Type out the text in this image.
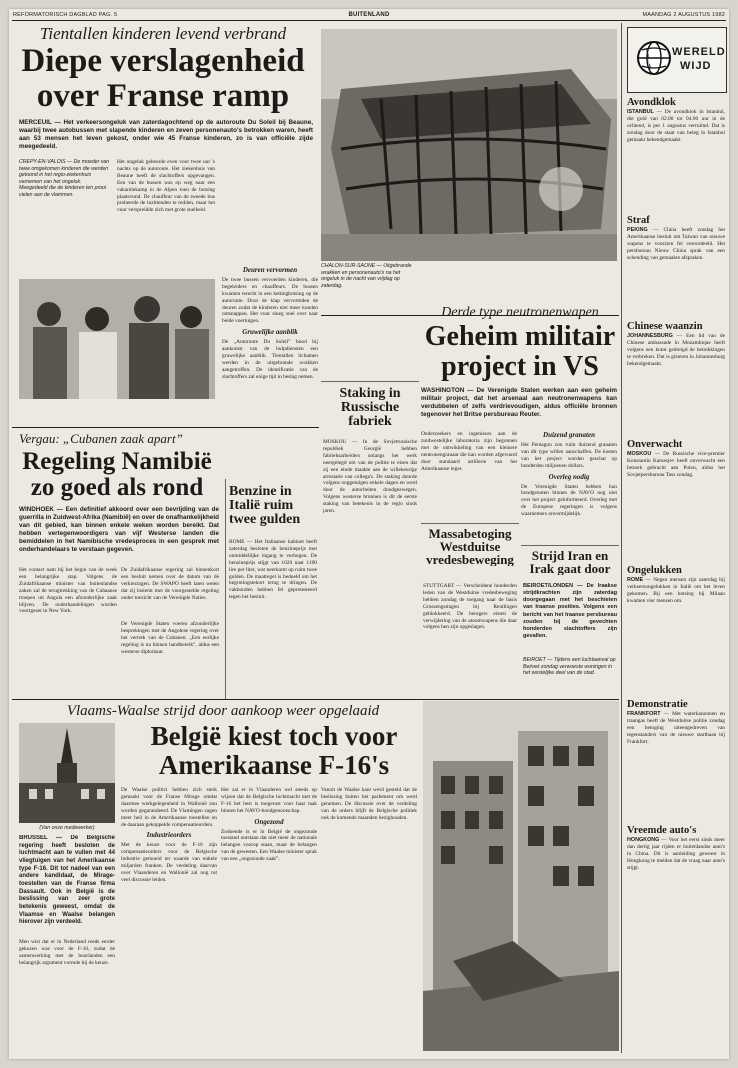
REFORMATORISCH DAGBLAD PAG. 5	BUITENLAND	MAANDAG 2 AUGUSTUS 1982
Tientallen kinderen levend verbrand
Diepe verslagenheid
over Franse ramp
MERCEUIL — Het verkeersongeluk van zaterdagochtend op de autoroute Du Soleil bij Beaune, waarbij twee autobussen met slapende kinderen en zeven personenauto's betrokken waren, heeft aan 53 mensen het leven gekost, onder wie 45 Franse kinderen, zo is van officiële zijde meegedeeld.
CREPY-EN-VALOIS — De moeder van twee omgekomen kinderen die werden getoond in het regio-ziekenhuis vernemen van het ongeluk. Meegedeeld die de kinderen ten prooi vielen aan de vlammen.

Het ongeluk gebeurde even voor twee uur 's nachts op de autoroute. Het ziekenhuis van Beaune heeft de slachtoffers opgevangen. Een van de bussen was op weg naar een vakantiekamp in de Alpen toen de botsing plaatsvond. De chauffeur van de tweede bus probeerde de inzittenden te redden, maar het vuur verspreidde zich met grote snelheid.

CHALON-SUR-SAONE — Uitgebrande wrakken en personenauto's na het ongeluk in de nacht van vrijdag op zaterdag.
Deuren vervormen

De twee bussen vervoerden kinderen, die begeleiders en chauffeurs. De bussen kwamen terecht in een kettingbotsing op de autoroute. Door de klap vervormden de deuren zodat de kinderen niet meer konden ontsnappen. Het vuur sloeg snel over naar beide voertuigen.

Gruwelijke aanblik

De „Autoroute Du Soleil” bood bij aankomst van de hulpdiensten een gruwelijke aanblik. Tientallen lichamen werden in de uitgebrande wrakken aangetroffen. De identificatie van de slachtoffers zal enige tijd in beslag nemen.

Vergau: „Cubanen zaak apart”
Regeling Namibië
zo goed als rond
WINDHOEK — Een definitief akkoord over een bevrijding van de guerrilla in Zuidwest-Afrika (Namibië) en over de onafhankelijkheid van dit gebied, kan binnen enkele weken worden bereikt. Dat hebben vertegenwoordigers van vijf Westerse landen die bemiddelen in het Namibische vredesproces in een gesprek met onderhandelaars te verstaan gegeven.

Het contact nam bij het begin van de week een belangrijke stap. Volgens de Zuidafrikaanse minister van buitenlandse zaken zal de terugtrekking van de Cubaanse troepen uit Angola een afzonderlijke zaak blijven. De onderhandelingen worden voortgezet in New York.

De Zuidafrikaanse regering zal binnenkort een besluit nemen over de datum van de verkiezingen. De SWAPO heeft laten weten dat zij instemt met de voorgestelde regeling onder toezicht van de Verenigde Naties.

De Verenigde Staten voeren afzonderlijke besprekingen met de Angolese regering over het vertrek van de Cubanen. „Een eerlijke regeling is nu binnen handbereik”, aldus een westerse diplomaat.

Benzine in Italië ruim twee gulden

ROME — Het Italiaanse kabinet heeft zaterdag besloten de benzineprijs met onmiddellijke ingang te verhogen. De benzineprijs stijgt van 1020 naar 1100 lire per liter, wat neerkomt op ruim twee gulden. De maatregel is bedoeld om het begrotingstekort terug te dringen. De vakbonden hebben fel geprotesteerd tegen het besluit.

Derde type neutronenwapen
Geheim militair
project in VS
WASHINGTON — De Verenigde Staten werken aan een geheim militair project, dat het arsenaal aan neutronenwapens kan verdubbelen of zelfs verdrievoudigen, aldus officiële bronnen tegenover het Britse persbureau Reuter.

Onderzoekers en ingenieurs aan de zuidwestelijke laboratoria zijn begonnen met de ontwikkeling van een kleinere neutronengranaat die kan worden afgevuurd door standaard artillerie van het Amerikaanse leger.

Duizend granaten

Het Pentagon zou ruim duizend granaten van dit type willen aanschaffen. De kosten van het project worden geschat op honderden miljoenen dollars.

Overleg nodig

De Verenigde Staten hebben hun bondgenoten binnen de NAVO nog niet over het project geïnformeerd. Overleg met de Europese regeringen is volgens waarnemers onvermijdelijk.

Staking in Russische fabriek

MOSKOU — In de Sovjetrussische republiek Georgië hebben fabrieksarbeiders onlangs het werk neergelegd om van de politie te eisen dat zij een einde maakte aan de willekeurige arrestatie van collega's. De staking duurde volgens ooggetuigen enkele dagen en werd door de autoriteiten doodgezwegen. Volgens westerse bronnen is dit de eerste staking van betekenis in de regio sinds jaren.

Massabetoging Westduitse vredesbeweging

STUTTGART — Verscheidene honderden leden van de Westduitse vredesbeweging hebben zondag de toegang naar de basis Grossengstingen bij Reutlingen geblokkeerd. De betogers eisten de verwijdering van de atoomwapens die daar volgens hen zijn opgeslagen.

Strijd Iran en Irak gaat door
BEIROET/LONDEN — De Iraakse strijdkrachten zijn zaterdag doorgegaan met het beschieten van Iraanse posities. Volgens een bericht van het Iraanse persbureau zouden bij de gevechten honderden slachtoffers zijn gevallen.
BEIROET — Tijdens een luchtaanval op Beiroet zondag verwoeste woningen in het westelijke deel van de stad.
Vlaams-Waalse strijd door aankoop weer opgelaaid
België kiest toch voor
Amerikaanse F-16's
(Van onze medewerker)
BRUSSEL — De Belgische regering heeft besloten de luchtmacht aan te vullen met 44 vliegtuigen van het Amerikaanse type F-16. Dit tot nadeel van een andere kandidaat, de Mirage-toestellen van de Franse firma Dassault. Ook in België is de beslissing van zeer grote betekenis geweest, omdat de Vlaamse en Waalse belangen hierover zijn verdeeld.

Men wist dat er in Nederland reeds eerder gekozen was voor de F-16, zodat de samenwerking met de buurlanden een belangrijk argument vormde bij de keuze.

De Waalse politici hebben zich sterk gemaakt voor de Franse Mirage omdat daarmee werkgelegenheid in Wallonië zou worden gegarandeerd. De Vlamingen zagen meer heil in de Amerikaanse toestellen en de daaraan gekoppelde compensatieorders.

Industrieorders

Met de keuze voor de F-16 zijn compensatieorders voor de Belgische industrie gemoeid ter waarde van enkele miljarden franken. De verdeling daarvan over Vlaanderen en Wallonië zal nog tot veel discussie leiden.

Het zal er in Vlaanderen wel steeds op wijzen dat de Belgische luchtmacht met de F-16 het best is toegerust voor haar taak binnen het NAVO-bondgenootschap.

Ongezond

Zodoende is er in België de ongezonde toestand ontstaan dat niet meer de nationale belangen voorop staan, maar de belangen van de gewesten. Een Waalse minister sprak van een „ongezonde zaak”.

Vanuit de Waalse kant werd gesteld dat de beslissing buiten het parlement om werd genomen. De discussie over de verdeling van de orders blijft de Belgische politiek ook de komende maanden bezighouden.

WERELD
WIJD
Avondklok
ISTANBUL — De avondklok in Istanbul, die gold van 02.00 tot 04.00 uur in de ochtend, is per 1 augustus verruimd. Dat is zondag door de staat van beleg in Istanbul gemaakt bekendgemaakt.
Straf
PEKING — China heeft zondag het Amerikaanse besluit om Taiwan van nieuwe wapens te voorzien fel veroordeeld. Het persbureau Nieuw China sprak van een schending van gemaakte afspraken.
Chinese waanzin
JOHANNESBURG — Een lid van de Chinese ambassade in Mozambique heeft volgens een krant gedreigd de betrekkingen te verbreken. Dat is gisteren in Johannesburg bekendgemaakt.
Onverwacht
MOSKOU — De Russische vice-premier Konstantin Katoesjev heeft onverwacht een bezoek gebracht aan Polen, aldus het Sovjetpersbureau Tass zondag.
Ongelukken
ROME — Negen mensen zijn zaterdag bij verkeersongelukken in Italië om het leven gekomen. Bij een botsing bij Milaan kwamen vier mensen om.
Demonstratie
FRANKFORT — Met waterkanonnen en traangas heeft de Westduitse politie zondag een betoging uiteengedreven van tegenstanders van de nieuwe startbaan bij Frankfort.
Vreemde auto's
HONGKONG — Voor het eerst sinds meer dan dertig jaar rijden er buitenlandse auto's in China. Dit is aanleiding geweest in Hongkong te melden dat de vraag naar auto's stijgt.
